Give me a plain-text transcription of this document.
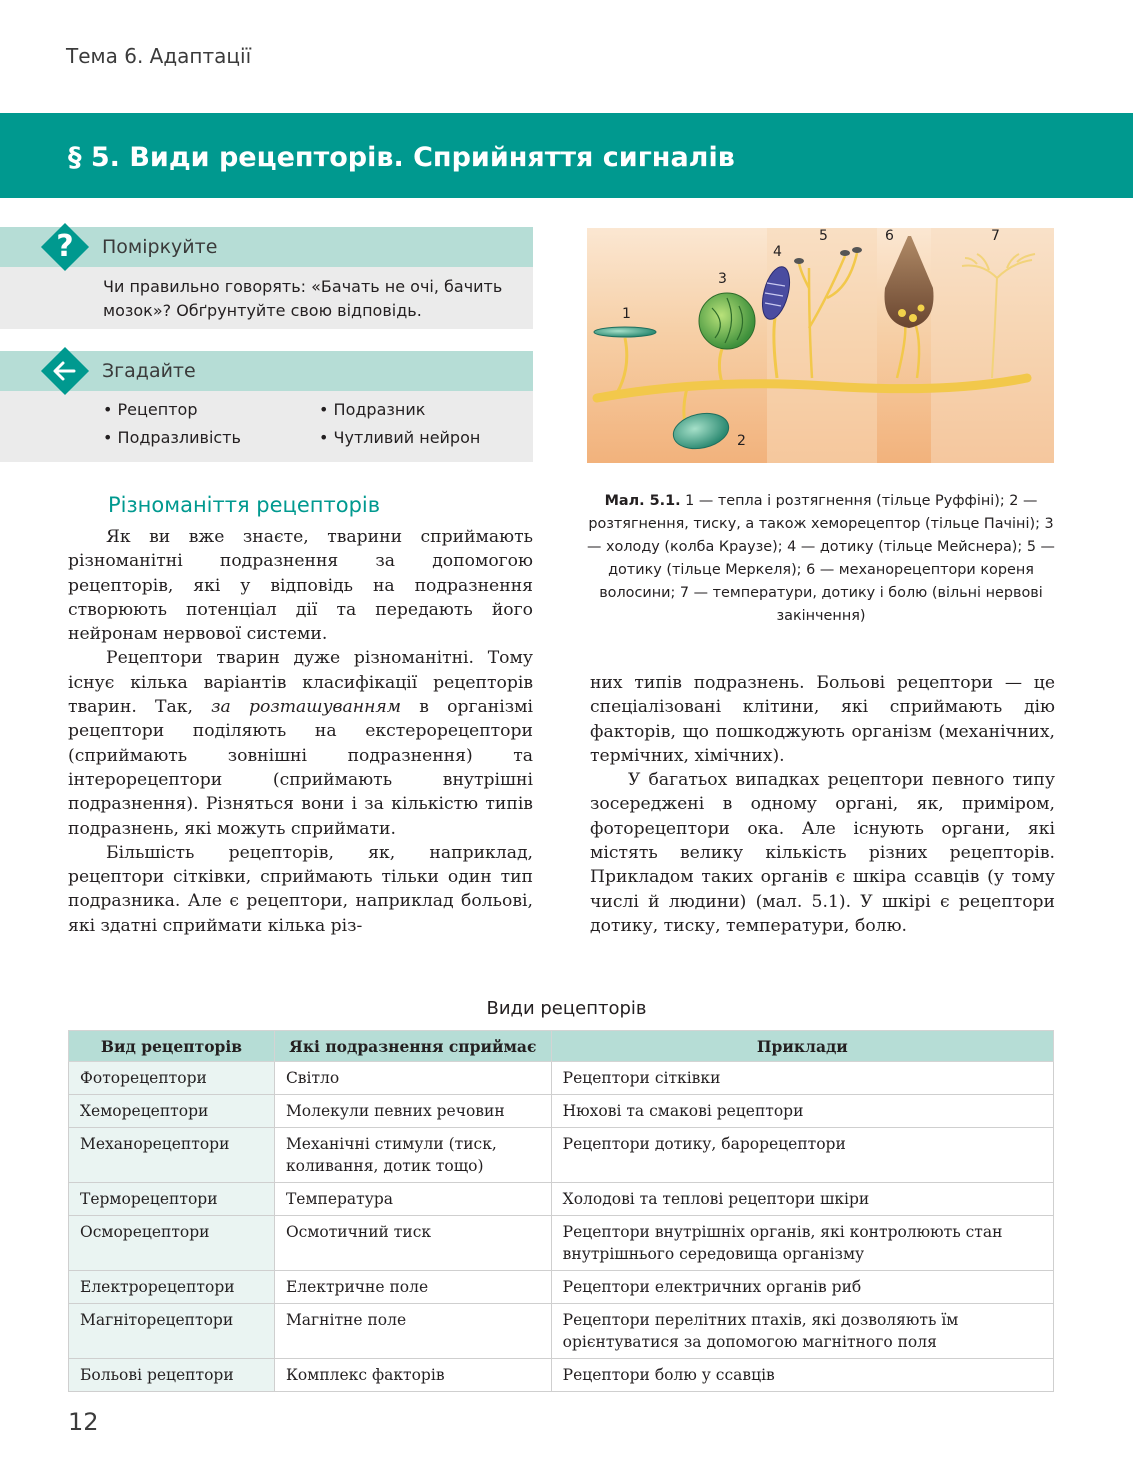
Тема 6. Адаптації
§ 5. Види рецепторів. Сприйняття сигналів
?	Поміркуйте
Чи правильно говорять: «Бачать не очі, бачить мозок»? Обґрунтуйте свою відповідь.
Згадайте
• Рецептор	• Подразник
• Подразливість	• Чутливий нейрон
1
2
3
4
5	6	7
Мал. 5.1. 1 — тепла і розтягнення (тільце Руффіні); 2 — розтягнення, тиску, а також хеморецептор (тільце Пачіні); 3 — холоду (колба Краузе); 4 — дотику (тільце Мейснера); 5 — дотику (тільце Меркеля); 6 — механорецептори кореня волосини; 7 — температури, дотику і болю (вільні нервові закінчення)
Різноманіття рецепторів

Як ви вже знаєте, тварини сприймають різноманітні подразнення за допомогою рецепторів, які у відповідь на подразнення створюють потенціал дії та передають його нейронам нервової системи.

Рецептори тварин дуже різноманітні. Тому існує кілька варіантів класифікації рецепторів тварин. Так, за розташуванням в організмі рецептори поділяють на екстерорецептори (сприймають зовнішні подразнення) та інтерорецептори (сприймають внутрішні подразнення). Різняться вони і за кількістю типів подразнень, які можуть сприймати.

Більшість рецепторів, як, наприклад, рецептори сітківки, сприймають тільки один тип подразника. Але є рецептори, наприклад больові, які здатні сприймати кілька різ-

них типів подразнень. Больові рецептори — це спеціалізовані клітини, які сприймають дію факторів, що пошкоджують організм (механічних, термічних, хімічних).

У багатьох випадках рецептори певного типу зосереджені в одному органі, як, приміром, фоторецептори ока. Але існують органи, які містять велику кількість різних рецепторів. Прикладом таких органів є шкіра ссавців (у тому числі й людини) (мал. 5.1). У шкірі є рецептори дотику, тиску, температури, болю.

Види рецепторів
Вид рецепторів	Які подразнення сприймає	Приклади
Фоторецептори	Світло	Рецептори сітківки
Хеморецептори	Молекули певних речовин	Нюхові та смакові рецептори
Механорецептори	Механічні стимули (тиск, коливання, дотик тощо)	Рецептори дотику, барорецептори
Терморецептори	Температура	Холодові та теплові рецептори шкіри
Осморецептори	Осмотичний тиск	Рецептори внутрішніх органів, які контролюють стан внутрішнього середовища організму
Електрорецептори	Електричне поле	Рецептори електричних органів риб
Магніторецептори	Магнітне поле	Рецептори перелітних птахів, які дозволяють їм орієнтуватися за допомогою магнітного поля
Больові рецептори	Комплекс факторів	Рецептори болю у ссавців
12
